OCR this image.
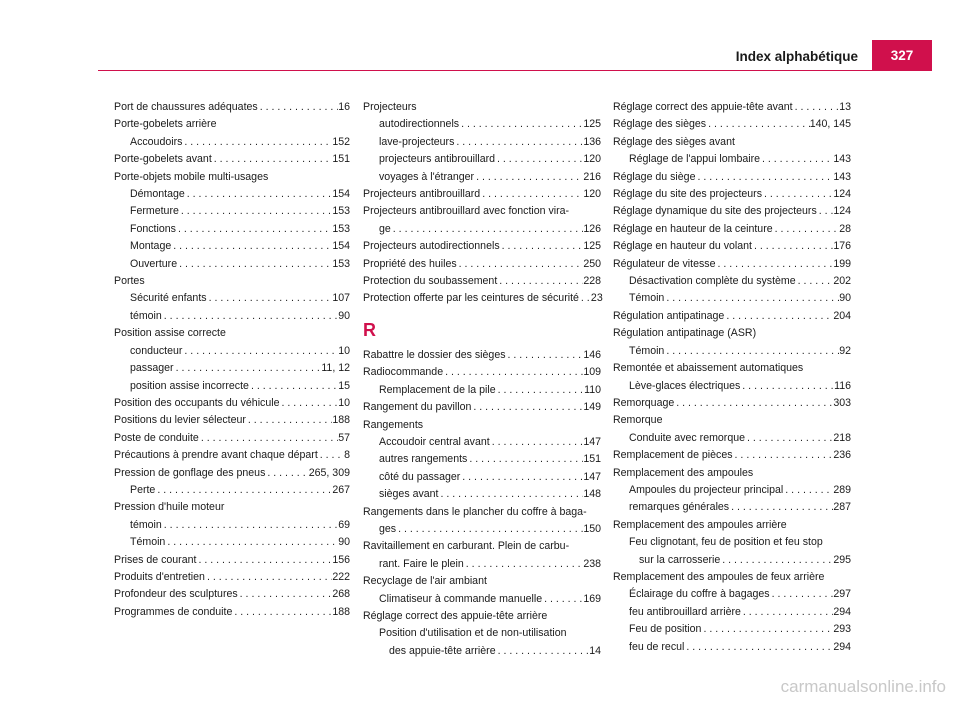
Index alphabétique	327
Port de chaussures adéquates . . .	16
Porte-gobelets arrière
Accoudoirs . . .	152
Porte-gobelets avant . . .	151
Porte-objets mobile multi-usages
Démontage . . .	154
Fermeture . . .	153
Fonctions . . .	153
Montage . . .	154
Ouverture . . .	153
Portes
Sécurité enfants . . .	107
témoin . . .	90
Position assise correcte
conducteur . . .	10
passager . . .	11, 12
position assise incorrecte . . .	15
Position des occupants du véhicule . . .	10
Positions du levier sélecteur . . .	188
Poste de conduite . . .	57
Précautions à prendre avant chaque départ . . . 8
Pression de gonflage des pneus . . .	265, 309
Perte . . .	267
Pression d'huile moteur
témoin . . .	69
Témoin . . .	90
Prises de courant . . .	156
Produits d'entretien . . .	222
Profondeur des sculptures . . .	268
Programmes de conduite . . .	188
Projecteurs
autodirectionnels . . .	125
lave-projecteurs . . .	136
projecteurs antibrouillard . . .	120
voyages à l'étranger . . .	216
Projecteurs antibrouillard . . .	120
Projecteurs antibrouillard avec fonction vira-
ge . . .	126
Projecteurs autodirectionnels . . .	125
Propriété des huiles . . .	250
Protection du soubassement . . .	228
Protection offerte par les ceintures de sécurité . . . 23
R
Rabattre le dossier des sièges . . .	146
Radiocommande . . .	109
Remplacement de la pile . . .	110
Rangement du pavillon . . .	149
Rangements
Accoudoir central avant . . .	147
autres rangements . . .	151
côté du passager . . .	147
sièges avant . . .	148
Rangements dans le plancher du coffre à baga-
ges . . .	150
Ravitaillement en carburant. Plein de carbu-
rant. Faire le plein . . .	238
Recyclage de l'air ambiant
Climatiseur à commande manuelle . . .	169
Réglage correct des appuie-tête arrière
Position d'utilisation et de non-utilisation
des appuie-tête arrière . . .	14
Réglage correct des appuie-tête avant . . .	13
Réglage des sièges . . .	140, 145
Réglage des sièges avant
Réglage de l'appui lombaire . . .	143
Réglage du siège . . .	143
Réglage du site des projecteurs . . .	124
Réglage dynamique du site des projecteurs . . . 124
Réglage en hauteur de la ceinture . . .	28
Réglage en hauteur du volant . . .	176
Régulateur de vitesse . . .	199
Désactivation complète du système . . .	202
Témoin . . .	90
Régulation antipatinage . . .	204
Régulation antipatinage (ASR)
Témoin . . .	92
Remontée et abaissement automatiques
Lève-glaces électriques . . .	116
Remorquage . . .	303
Remorque
Conduite avec remorque . . .	218
Remplacement de pièces . . .	236
Remplacement des ampoules
Ampoules du projecteur principal . . .	289
remarques générales . . .	287
Remplacement des ampoules arrière
Feu clignotant, feu de position et feu stop
sur la carrosserie . . .	295
Remplacement des ampoules de feux arrière
Éclairage du coffre à bagages . . .	297
feu antibrouillard arrière . . .	294
Feu de position . . .	293
feu de recul . . .	294
carmanualsonline.info
